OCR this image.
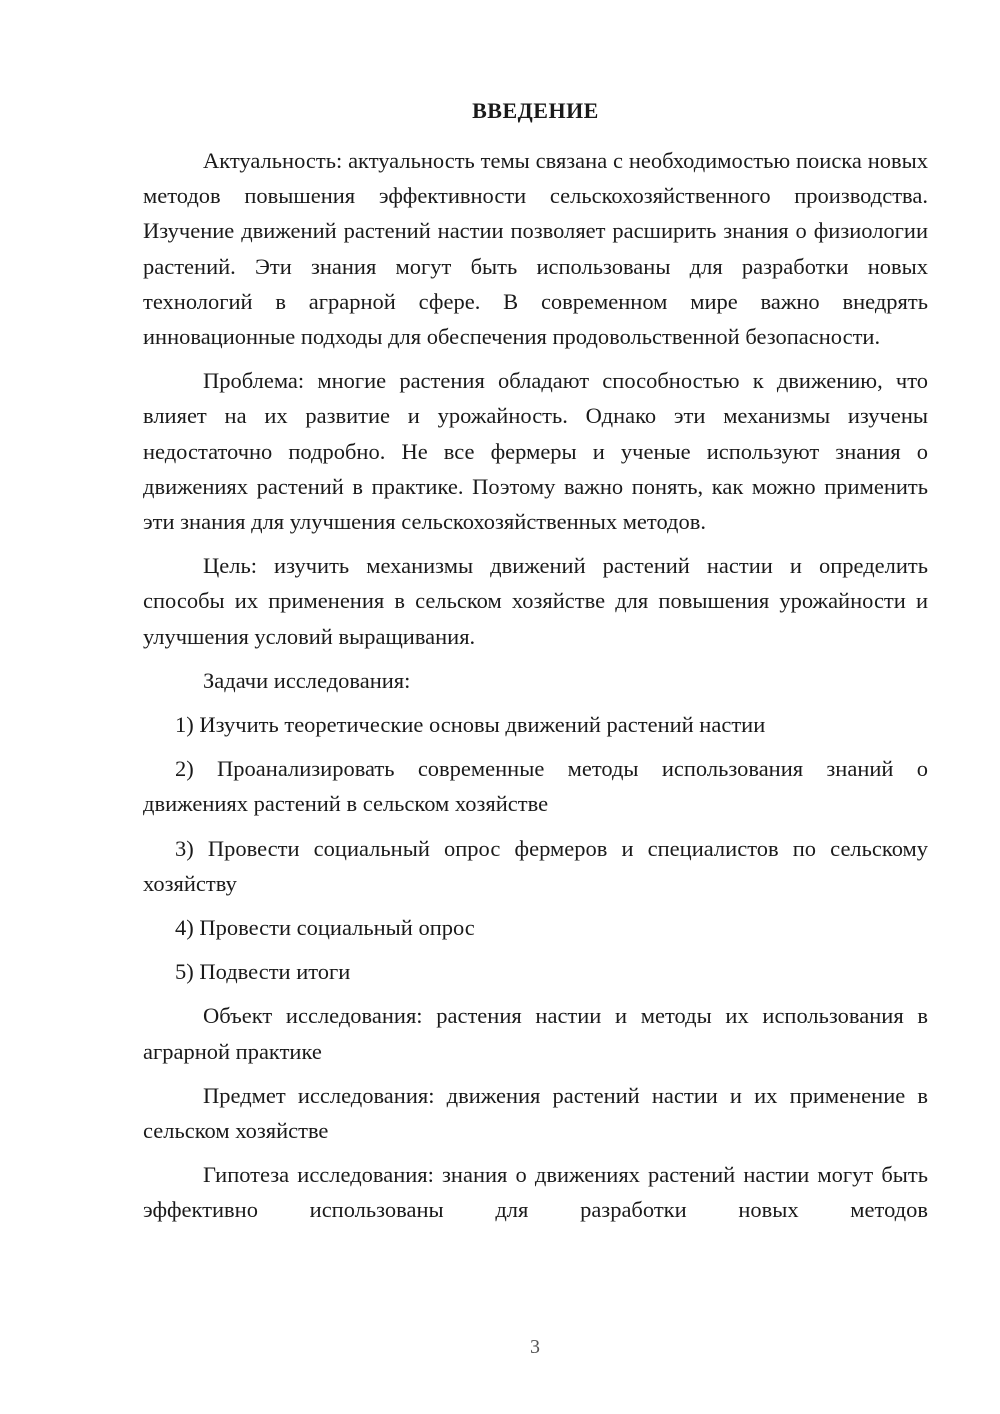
ВВЕДЕНИЕ

Актуальность: актуальность темы связана с необходимостью поиска новых методов повышения эффективности сельскохозяйственного производства. Изучение движений растений настии позволяет расширить знания о физиологии растений. Эти знания могут быть использованы для разработки новых технологий в аграрной сфере. В современном мире важно внедрять инновационные подходы для обеспечения продовольственной безопасности.

Проблема: многие растения обладают способностью к движению, что влияет на их развитие и урожайность. Однако эти механизмы изучены недостаточно подробно. Не все фермеры и ученые используют знания о движениях растений в практике. Поэтому важно понять, как можно применить эти знания для улучшения сельскохозяйственных методов.

Цель: изучить механизмы движений растений настии и определить способы их применения в сельском хозяйстве для повышения урожайности и улучшения условий выращивания.

Задачи исследования:

1) Изучить теоретические основы движений растений настии

2) Проанализировать современные методы использования знаний о движениях растений в сельском хозяйстве

3) Провести социальный опрос фермеров и специалистов по сельскому хозяйству

4) Провести социальный опрос

5) Подвести итоги

Объект исследования: растения настии и методы их использования в аграрной практике

Предмет исследования: движения растений настии и их применение в сельском хозяйстве

Гипотеза исследования: знания о движениях растений настии могут быть эффективно использованы для разработки новых методов

3
